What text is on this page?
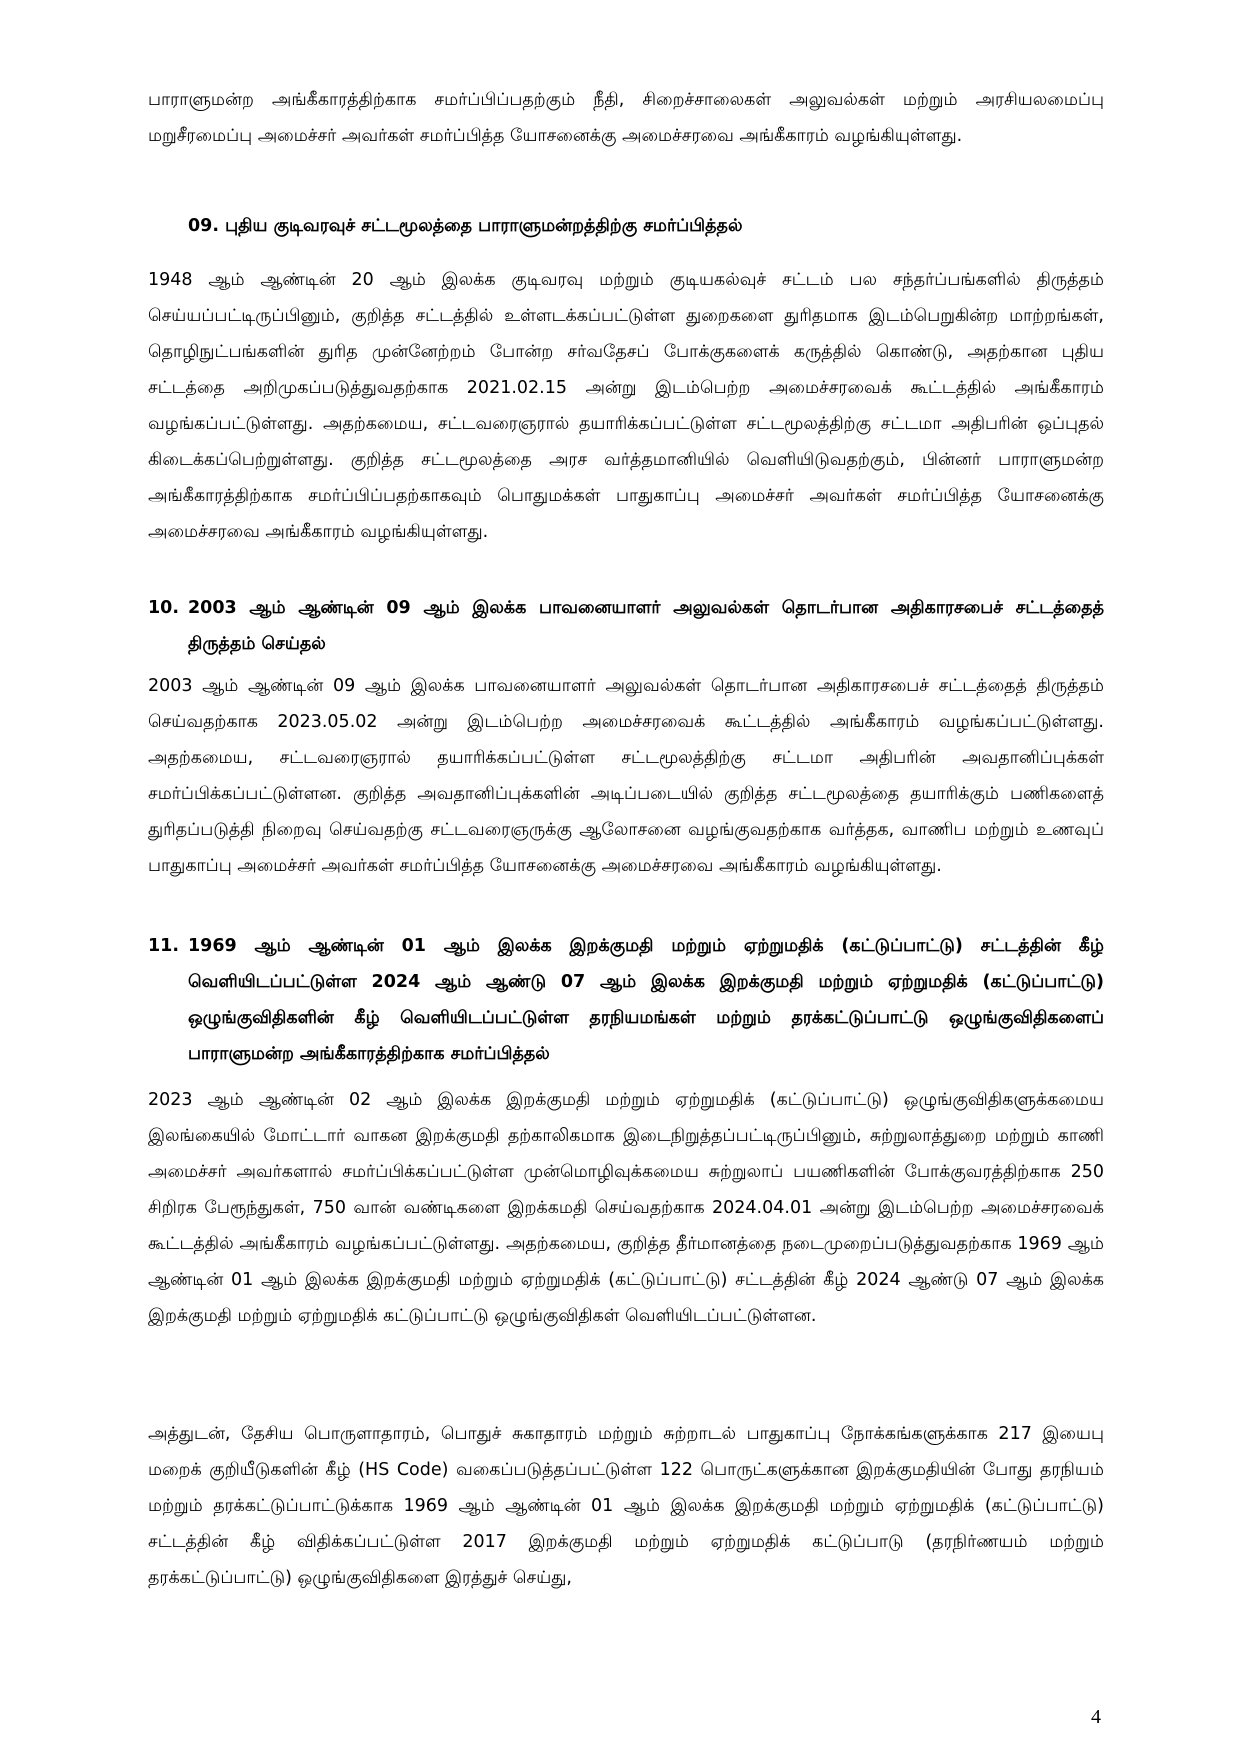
பாராளுமன்ற அங்கீகாரத்திற்காக சமர்ப்பிப்பதற்கும் நீதி, சிறைச்சாலைகள் அலுவல்கள் மற்றும் அரசியலமைப்பு மறுசீரமைப்பு அமைச்சர் அவர்கள் சமர்ப்பித்த யோசனைக்கு அமைச்சரவை அங்கீகாரம் வழங்கியுள்ளது.

09. புதிய குடிவரவுச் சட்டமூலத்தை பாராளுமன்றத்திற்கு சமர்ப்பித்தல்

1948 ஆம் ஆண்டின் 20 ஆம் இலக்க குடிவரவு மற்றும் குடியகல்வுச் சட்டம் பல சந்தர்ப்பங்களில் திருத்தம் செய்யப்பட்டிருப்பினும், குறித்த சட்டத்தில் உள்ளடக்கப்பட்டுள்ள துறைகளை துரிதமாக இடம்பெறுகின்ற மாற்றங்கள், தொழிநுட்பங்களின் துரித முன்னேற்றம் போன்ற சர்வதேசப் போக்குகளைக் கருத்தில் கொண்டு, அதற்கான புதிய சட்டத்தை அறிமுகப்படுத்துவதற்காக 2021.02.15 அன்று இடம்பெற்ற அமைச்சரவைக் கூட்டத்தில் அங்கீகாரம் வழங்கப்பட்டுள்ளது. அதற்கமைய, சட்டவரைஞரால் தயாரிக்கப்பட்டுள்ள சட்டமூலத்திற்கு சட்டமா அதிபரின் ஒப்புதல் கிடைக்கப்பெற்றுள்ளது. குறித்த சட்டமூலத்தை அரச வர்த்தமானியில் வெளியிடுவதற்கும், பின்னர் பாராளுமன்ற அங்கீகாரத்திற்காக சமர்ப்பிப்பதற்காகவும் பொதுமக்கள் பாதுகாப்பு அமைச்சர் அவர்கள் சமர்ப்பித்த யோசனைக்கு அமைச்சரவை அங்கீகாரம் வழங்கியுள்ளது.

10. 2003 ஆம் ஆண்டின் 09 ஆம் இலக்க பாவனையாளர் அலுவல்கள் தொடர்பான அதிகாரசபைச் சட்டத்தைத் திருத்தம் செய்தல்

2003 ஆம் ஆண்டின் 09 ஆம் இலக்க பாவனையாளர் அலுவல்கள் தொடர்பான அதிகாரசபைச் சட்டத்தைத் திருத்தம் செய்வதற்காக 2023.05.02 அன்று இடம்பெற்ற அமைச்சரவைக் கூட்டத்தில் அங்கீகாரம் வழங்கப்பட்டுள்ளது. அதற்கமைய, சட்டவரைஞரால் தயாரிக்கப்பட்டுள்ள சட்டமூலத்திற்கு சட்டமா அதிபரின் அவதானிப்புக்கள் சமர்ப்பிக்கப்பட்டுள்ளன. குறித்த அவதானிப்புக்களின் அடிப்படையில் குறித்த சட்டமூலத்தை தயாரிக்கும் பணிகளைத் துரிதப்படுத்தி நிறைவு செய்வதற்கு சட்டவரைஞருக்கு ஆலோசனை வழங்குவதற்காக வர்த்தக, வாணிப மற்றும் உணவுப் பாதுகாப்பு அமைச்சர் அவர்கள் சமர்ப்பித்த யோசனைக்கு அமைச்சரவை அங்கீகாரம் வழங்கியுள்ளது.

11. 1969 ஆம் ஆண்டின் 01 ஆம் இலக்க இறக்குமதி மற்றும் ஏற்றுமதிக் (கட்டுப்பாட்டு) சட்டத்தின் கீழ் வெளியிடப்பட்டுள்ள 2024 ஆம் ஆண்டு 07 ஆம் இலக்க இறக்குமதி மற்றும் ஏற்றுமதிக் (கட்டுப்பாட்டு) ஒழுங்குவிதிகளின் கீழ் வெளியிடப்பட்டுள்ள தரநியமங்கள் மற்றும் தரக்கட்டுப்பாட்டு ஒழுங்குவிதிகளைப் பாராளுமன்ற அங்கீகாரத்திற்காக சமர்ப்பித்தல்

2023 ஆம் ஆண்டின் 02 ஆம் இலக்க இறக்குமதி மற்றும் ஏற்றுமதிக் (கட்டுப்பாட்டு) ஒழுங்குவிதிகளுக்கமைய இலங்கையில் மோட்டார் வாகன இறக்குமதி தற்காலிகமாக இடைநிறுத்தப்பட்டிருப்பினும், சுற்றுலாத்துறை மற்றும் காணி அமைச்சர் அவர்களால் சமர்ப்பிக்கப்பட்டுள்ள முன்மொழிவுக்கமைய சுற்றுலாப் பயணிகளின் போக்குவரத்திற்காக 250 சிறிரக பேரூந்துகள், 750 வான் வண்டிகளை இறக்கமதி செய்வதற்காக 2024.04.01 அன்று இடம்பெற்ற அமைச்சரவைக் கூட்டத்தில் அங்கீகாரம் வழங்கப்பட்டுள்ளது. அதற்கமைய, குறித்த தீர்மானத்தை நடைமுறைப்படுத்துவதற்காக 1969 ஆம் ஆண்டின் 01 ஆம் இலக்க இறக்குமதி மற்றும் ஏற்றுமதிக் (கட்டுப்பாட்டு) சட்டத்தின் கீழ் 2024 ஆண்டு 07 ஆம் இலக்க இறக்குமதி மற்றும் ஏற்றுமதிக் கட்டுப்பாட்டு ஒழுங்குவிதிகள் வெளியிடப்பட்டுள்ளன.

அத்துடன், தேசிய பொருளாதாரம், பொதுச் சுகாதாரம் மற்றும் சுற்றாடல் பாதுகாப்பு நோக்கங்களுக்காக 217 இயைபு மறைக் குறியீடுகளின் கீழ் (HS Code) வகைப்படுத்தப்பட்டுள்ள 122 பொருட்களுக்கான இறக்குமதியின் போது தரநியம் மற்றும் தரக்கட்டுப்பாட்டுக்காக 1969 ஆம் ஆண்டின் 01 ஆம் இலக்க இறக்குமதி மற்றும் ஏற்றுமதிக் (கட்டுப்பாட்டு) சட்டத்தின் கீழ் விதிக்கப்பட்டுள்ள 2017 இறக்குமதி மற்றும் ஏற்றுமதிக் கட்டுப்பாடு (தரநிர்ணயம் மற்றும் தரக்கட்டுப்பாட்டு) ஒழுங்குவிதிகளை இரத்துச் செய்து,

4
